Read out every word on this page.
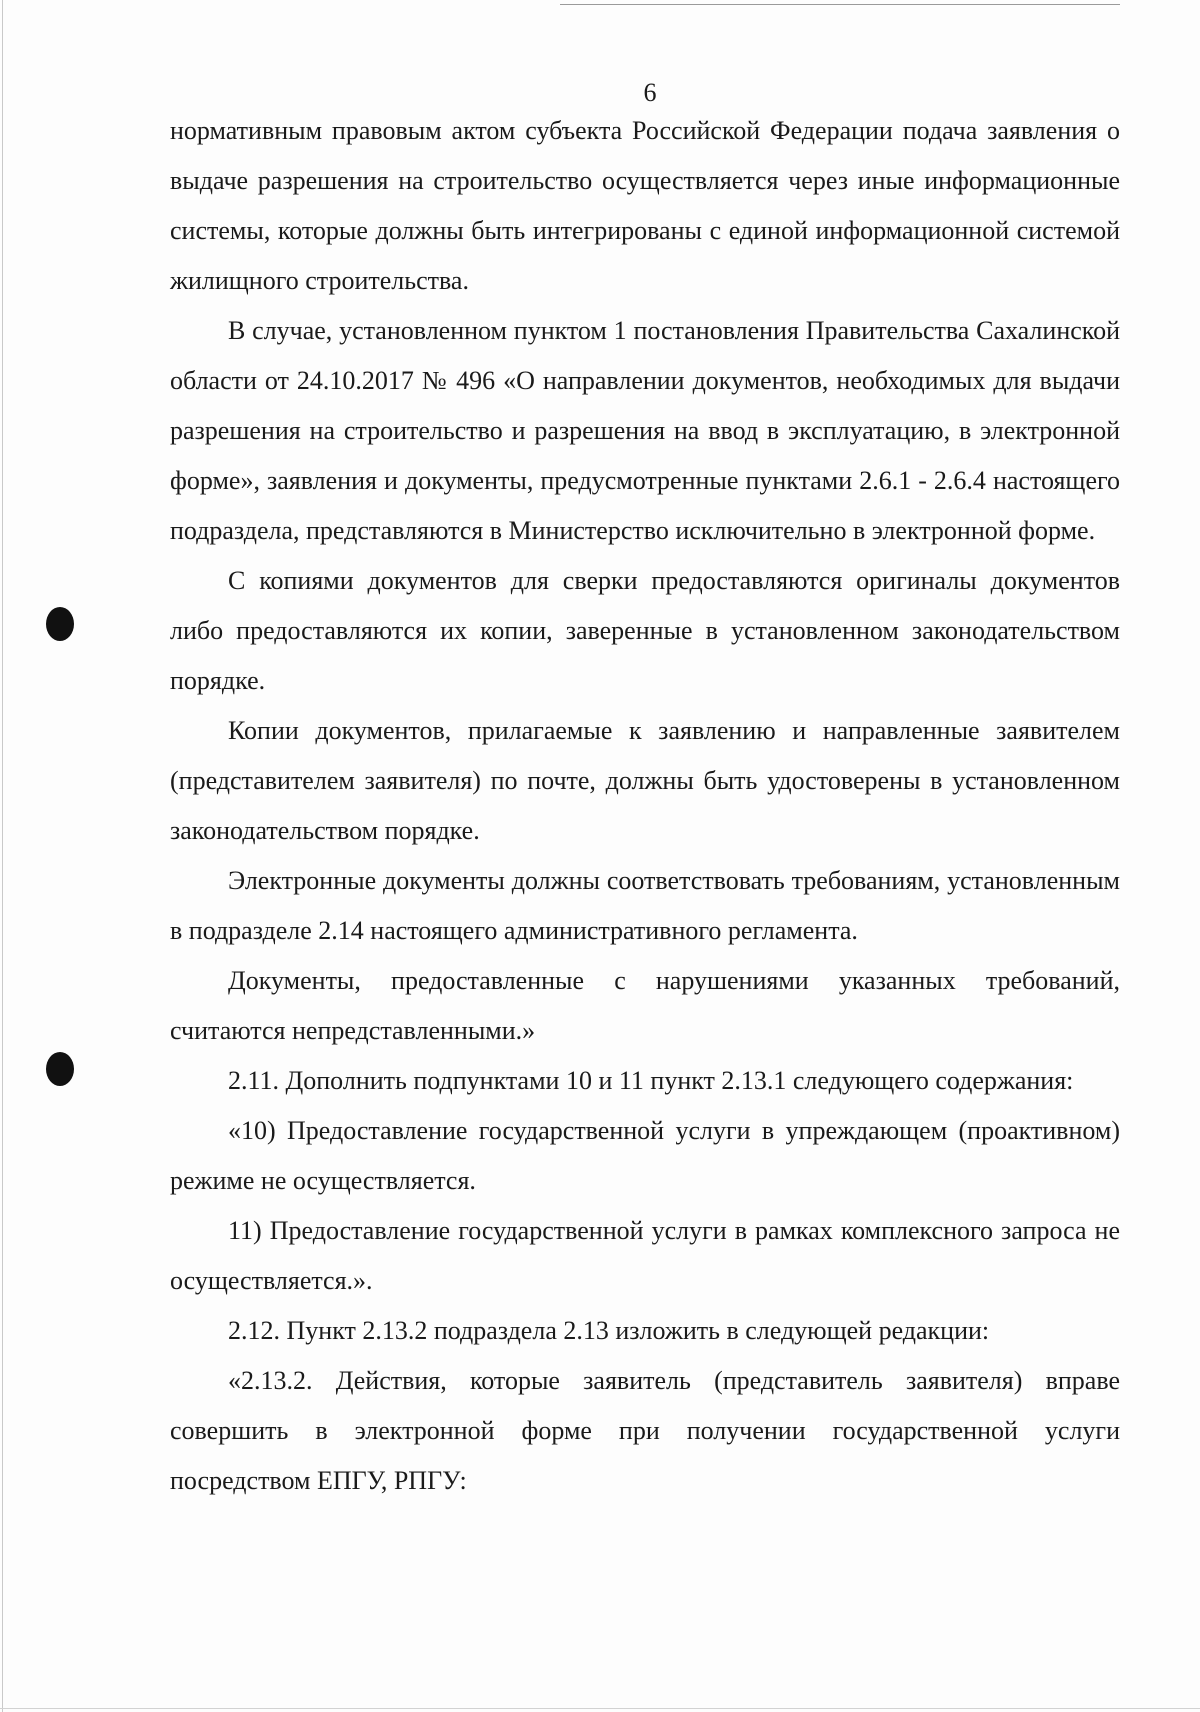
6

нормативным правовым актом субъекта Российской Федерации подача заявления о выдаче разрешения на строительство осуществляется через иные информационные системы, которые должны быть интегрированы с единой информационной системой жилищного строительства.

В случае, установленном пунктом 1 постановления Правительства Сахалинской области от 24.10.2017 № 496 «О направлении документов, необходимых для выдачи разрешения на строительство и разрешения на ввод в эксплуатацию, в электронной форме», заявления и документы, предусмотренные пунктами 2.6.1 - 2.6.4 настоящего подраздела, представляются в Министерство исключительно в электронной форме.

С копиями документов для сверки предоставляются оригиналы документов либо предоставляются их копии, заверенные в установленном законодательством порядке.

Копии документов, прилагаемые к заявлению и направленные заявителем (представителем заявителя) по почте, должны быть удостоверены в установленном законодательством порядке.

Электронные документы должны соответствовать требованиям, установленным в подразделе 2.14 настоящего административного регламента.

Документы, предоставленные с нарушениями указанных требований, считаются непредставленными.»

2.11. Дополнить подпунктами 10 и 11 пункт 2.13.1 следующего содержания:

«10) Предоставление государственной услуги в упреждающем (проактивном) режиме не осуществляется.

11) Предоставление государственной услуги в рамках комплексного запроса не осуществляется.».

2.12. Пункт 2.13.2 подраздела 2.13 изложить в следующей редакции:

«2.13.2. Действия, которые заявитель (представитель заявителя) вправе совершить в электронной форме при получении государственной услуги посредством ЕПГУ, РПГУ:
